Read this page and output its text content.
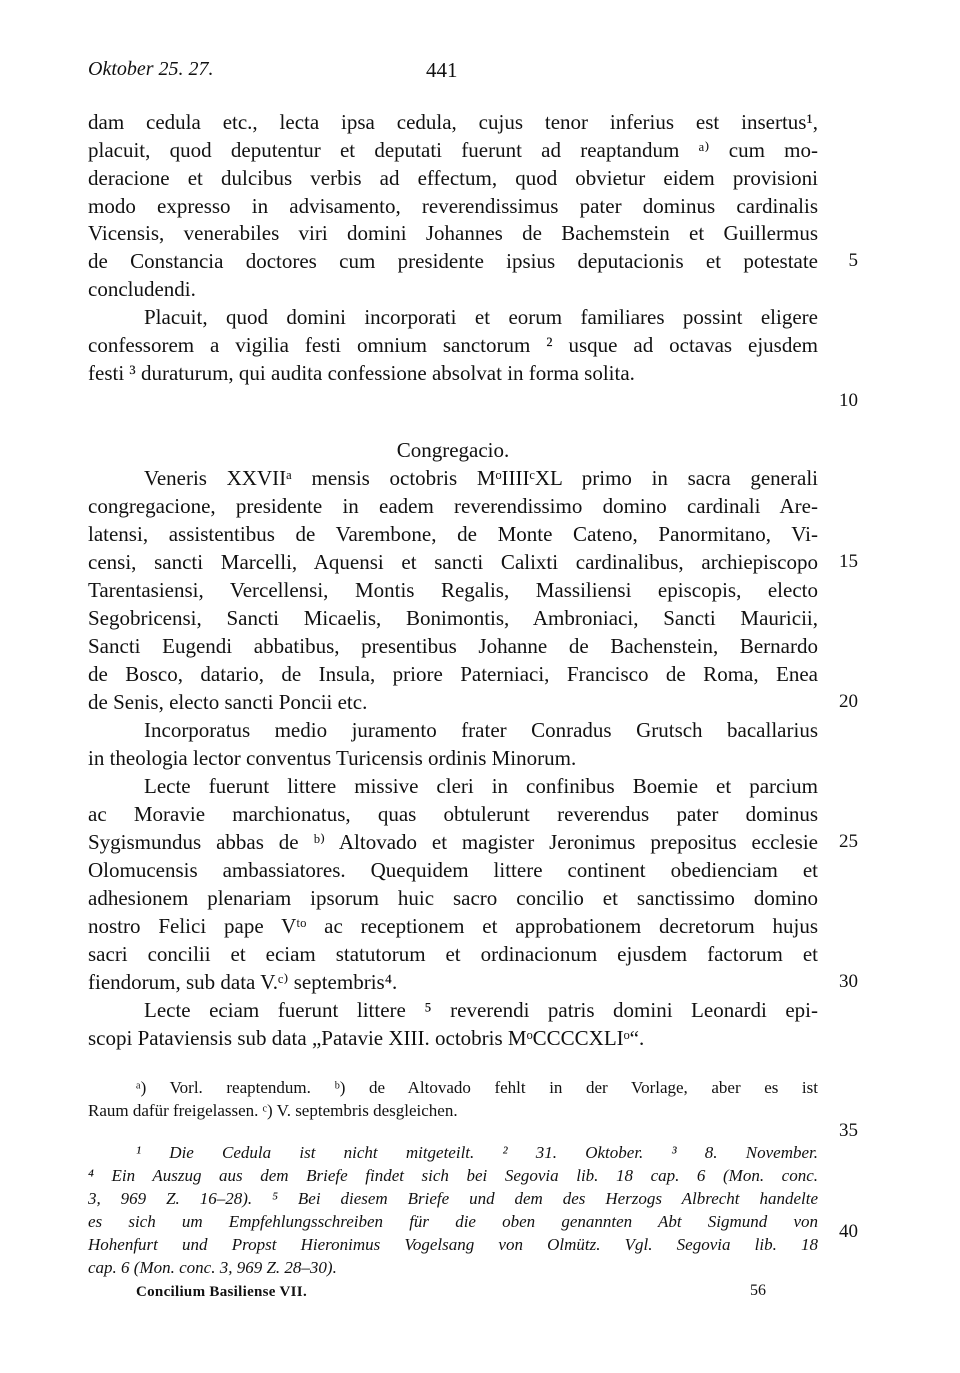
Oktober 25. 27.	441
dam cedula etc., lecta ipsa cedula, cujus tenor inferius est insertus¹,
placuit, quod deputentur et deputati fuerunt ad reaptandum ᵃ⁾ cum mo-
deracione et dulcibus verbis ad effectum, quod obvietur eidem provisioni
modo expresso in advisamento, reverendissimus pater dominus cardinalis
Vicensis, venerabiles viri domini Johannes de Bachemstein et Guillermus
de Constancia doctores cum presidente ipsius deputacionis et potestate
concludendi.
Placuit, quod domini incorporati et eorum familiares possint eligere
confessorem a vigilia festi omnium sanctorum ² usque ad octavas ejusdem
festi ³ duraturum, qui audita confessione absolvat in forma solita.
Congregacio.
Veneris XXVIIᵃ mensis octobris MᵒIIIIᶜXL primo in sacra generali
congregacione, presidente in eadem reverendissimo domino cardinali Are-
latensi, assistentibus de Varembone, de Monte Cateno, Panormitano, Vi-
censi, sancti Marcelli, Aquensi et sancti Calixti cardinalibus, archiepiscopo
Tarentasiensi, Vercellensi, Montis Regalis, Massiliensi episcopis, electo
Segobricensi, Sancti Micaelis, Bonimontis, Ambroniaci, Sancti Mauricii,
Sancti Eugendi abbatibus, presentibus Johanne de Bachenstein, Bernardo
de Bosco, datario, de Insula, priore Paterniaci, Francisco de Roma, Enea
de Senis, electo sancti Poncii etc.
Incorporatus medio juramento frater Conradus Grutsch bacallarius
in theologia lector conventus Turicensis ordinis Minorum.
Lecte fuerunt littere missive cleri in confinibus Boemie et parcium
ac Moravie marchionatus, quas obtulerunt reverendus pater dominus
Sygismundus abbas de ᵇ⁾ Altovado et magister Jeronimus prepositus ecclesie
Olomucensis ambassiatores. Quequidem littere continent obedienciam et
adhesionem plenariam ipsorum huic sacro concilio et sanctissimo domino
nostro Felici pape Vᵗᵒ ac receptionem et approbationem decretorum hujus
sacri concilii et eciam statutorum et ordinacionum ejusdem factorum et
fiendorum, sub data V.ᶜ⁾ septembris⁴.
Lecte eciam fuerunt littere ⁵ reverendi patris domini Leonardi epi-
scopi Pataviensis sub data „Patavie XIII. octobris MᵒCCCCXLIᵒ“.
5
10
15
20
25
30
35
40
ᵃ) Vorl. reaptendum. ᵇ) de Altovado fehlt in der Vorlage, aber es ist
Raum dafür freigelassen. ᶜ) V. septembris desgleichen.
¹ Die Cedula ist nicht mitgeteilt. ² 31. Oktober. ³ 8. November.
⁴ Ein Auszug aus dem Briefe findet sich bei Segovia lib. 18 cap. 6 (Mon. conc.
3, 969 Z. 16–28). ⁵ Bei diesem Briefe und dem des Herzogs Albrecht handelte
es sich um Empfehlungsschreiben für die oben genannten Abt Sigmund von
Hohenfurt und Propst Hieronimus Vogelsang von Olmütz. Vgl. Segovia lib. 18
cap. 6 (Mon. conc. 3, 969 Z. 28–30).
Concilium Basiliense VII.	56
